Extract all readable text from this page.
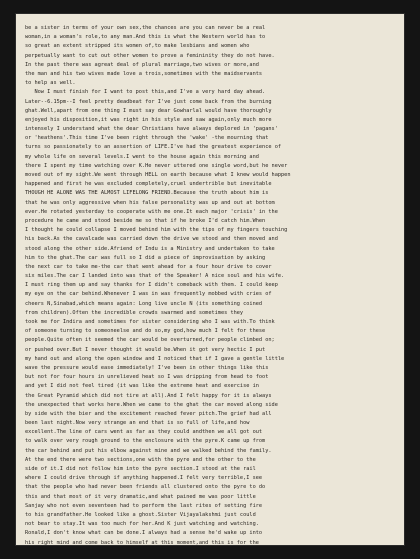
be a sister in terms of your own sex,the chances are you can never be a real
woman,in a woman's role,to any man.And this is what the Western world has to
so great an extent stripped its women of,to make lesbians and women who
perpetually want to cut out other women to prove a femininity they do not have.
In the past there was agreat deal of plural marriage,two wives or more,and
the man and his two wives made love a trois,sometimes with the maidservants
to help as well.
Now I must finish for I want to post this,and I've a very hard day ahead.
Later--6.15pm--I feel pretty deadbeat for I've just come back from the burning
ghat.Well,apart from one thing I must say dear Gowharlal would have thoroughly
enjoyed his disposition,it was right in his style and saw again,only much more
intensely I understand what the dear Christians have always deplored in 'pagans'
or 'heathens'.This time I've been right through the 'wake' -the mourning that
turns so passionately to an assertion of LIFE.I've had the greatest experience of
my whole life on several levels.I went to the house again this morning and
there I spent my time watching over K.He never uttered one single word,but he never
moved out of my sight.We went through HELL on earth because what I knew would happen
happened and first he was excluded completely,cruel undertrible but inevitable
THOUGH HE ALONE WAS THE ALMOST LIFELONG FRIEND.Because the truth about him is
that he was only aggressive when his false personality was up and out at bottom
ever.He rotated yesterday to cooperate with me one.It each major 'crisis' in the
procedure he came and stood beside me so that if he broke I'd catch him.When
I thought he could collapse I moved behind him with the tips of my fingers touching
his back.As the cavalcade was carried down the drive we stood and then moved and
stood along the other side.Afriend of Indu is a Ministry and undertaken to take
him to the ghat.The car was full so I did a piece of improvisation by asking
the next car to take me-the car that went ahead for a four hour drive to cover
six miles.The car I landed into was that of the Speaker! A nice soul and his wife.
I must ring them up and say thanks for I didn't comeback with them. I could keep
my eye on the car behind.Whenever I was in was frequently mobbed with cries of
cheers N,Sinabad,which means again: Long live uncle N (its something coined
from children).Often the incredible crowds swarmed and sometimes they
took me for Indira and sometimes for sister considering who I was with.To think
of someone turning to someoneelse and do so,my god,how much I felt for these
people.Quite often it seemed the car would be overturned,for people climbed on;
or pushed over.But I never thought it would be.When it got very hectic I put
my hand out and along the open window and I noticed that if I gave a gentle little
wave the pressure would ease immediately! I've been in other things like this
but not for four hours in unrelieved heat so I was dripping from head to foot
and yet I did not feel tired (it was like the extreme heat and exercise in
the Great Pyramid which did not tire at all).And I felt happy for it is always
the unexpected that works here.When we came to the ghat the car moved along side
by side with the bier and the excitement reached fever pitch.The grief had all
been last night.Now very strange an end that is so full of life,and how
excellent.The line of cars went as far as they could andthen we all got out
to walk over very rough ground to the enclosure with the pyre.K came up from
the car behind and put his elbow against mine and we walked behind the family.
At the end there were two sections,one with the pyre and the other to the
side of it.I did not follow him into the pyre section.I stood at the rail
where I could drive through if anything happened.I felt very terrible,I see
that the people who had never been friends all clustered onto the pyre to do
this and that most of it very dramatic,and what pained me was poor little
Sanjay who not even seventeen had to perform the last rites of setting fire
to his grandfather.He looked like a ghost.Sister Vijayalakshmi just could
not bear to stay.It was too much for her.And K just watching and watching.
Ronald,I don't know what can be done.I always had a sense he'd wake up into
his right mind and come back to himself at this moment,and this is for the
